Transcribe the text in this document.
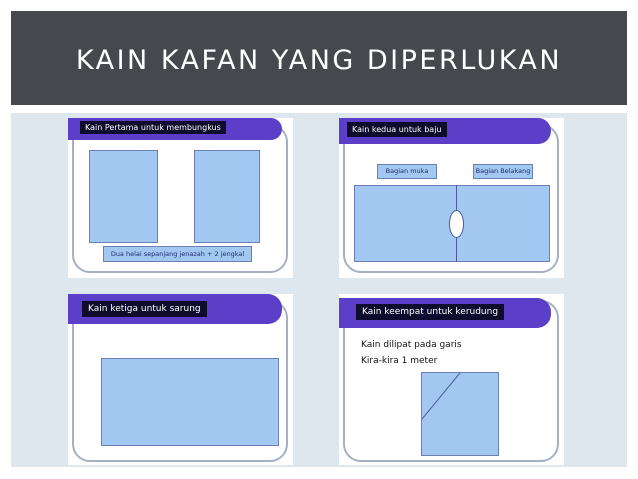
KAIN KAFAN YANG DIPERLUKAN
Kain Pertama untuk membungkus
Dua helai sepanjang jenazah + 2 jengkal
Kain kedua untuk baju
Bagian muka	Bagian Belakang
Kain ketiga untuk sarung	Kain keempat untuk kerudung
Kain dilipat pada garis
Kira-kira 1 meter
